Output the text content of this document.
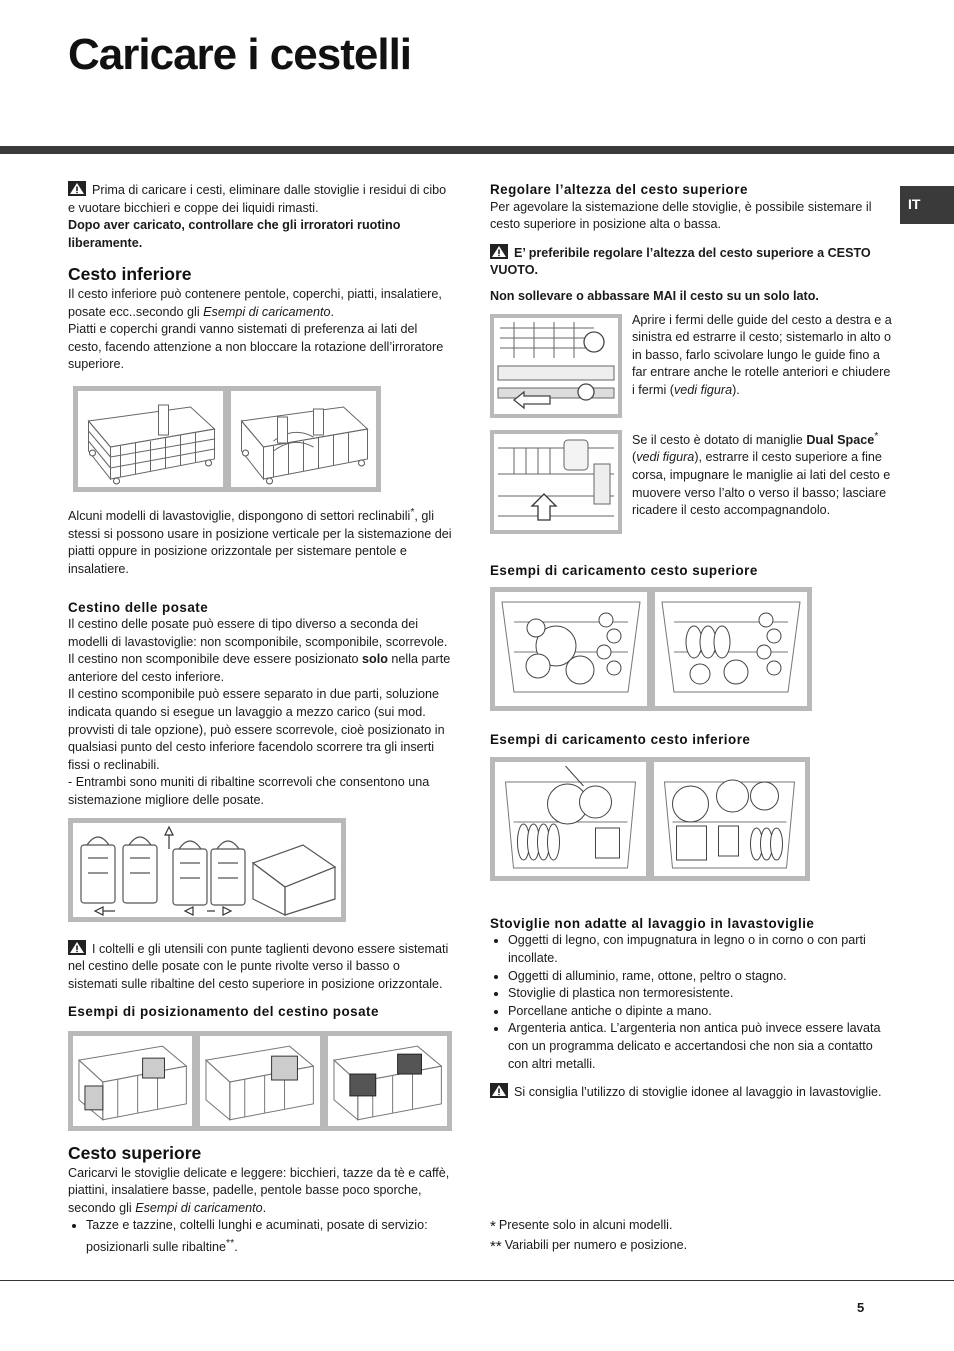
Caricare i cestelli
IT

Prima di caricare i cesti, eliminare dalle stoviglie i residui di cibo e vuotare bicchieri e coppe dei liquidi rimasti.

Dopo aver caricato, controllare che gli irroratori ruotino liberamente.

Cesto inferiore

Il cesto inferiore può contenere pentole, coperchi, piatti, insalatiere, posate ecc..secondo gli Esempi di caricamento.

Piatti e coperchi grandi vanno sistemati di preferenza ai lati del cesto, facendo attenzione a non bloccare la rotazione dell’irroratore superiore.

Alcuni modelli di lavastoviglie, dispongono di settori reclinabili*, gli stessi si possono usare in posizione verticale per la sistemazione dei piatti oppure in posizione orizzontale per sistemare pentole e insalatiere.

Cestino delle posate

Il cestino delle posate può essere di tipo diverso a seconda dei modelli di lavastoviglie: non scomponibile, scomponibile, scorrevole. Il cestino non scomponibile deve essere posizionato solo nella parte anteriore del cesto inferiore.

Il cestino scomponibile può essere separato in due parti, soluzione indicata quando si esegue un lavaggio a mezzo carico (sui mod. provvisti di tale opzione), può essere scorrevole, cioè posizionato in qualsiasi punto del cesto inferiore facendolo scorrere tra gli inserti fissi o reclinabili.

- Entrambi sono muniti di ribaltine scorrevoli che consentono una sistemazione migliore delle posate.

I coltelli e gli utensili con punte taglienti devono essere sistemati nel cestino delle posate con le punte rivolte verso il basso o sistemati sulle ribaltine del cesto superiore in posizione orizzontale.

Esempi di posizionamento del cestino posate

Cesto superiore

Caricarvi le stoviglie delicate e leggere: bicchieri, tazze da tè e caffè, piattini, insalatiere basse, padelle, pentole basse poco sporche, secondo gli Esempi di caricamento.

• Tazze e tazzine, coltelli lunghi e acuminati, posate di servizio: posizionarli sulle ribaltine**.

Regolare l’altezza del cesto superiore

Per agevolare la sistemazione delle stoviglie, è possibile sistemare il cesto superiore in posizione alta o bassa.

E’ preferibile regolare l’altezza del cesto superiore a CESTO VUOTO.

Non sollevare o abbassare MAI il cesto su un solo lato.

Aprire i fermi delle guide del cesto a destra e a sinistra ed estrarre il cesto; sistemarlo in alto o in basso, farlo scivolare lungo le guide fino a far entrare anche le rotelle anteriori e chiudere i fermi (vedi figura).

Se il cesto è dotato di maniglie Dual Space* (vedi figura), estrarre il cesto superiore a fine corsa, impugnare le maniglie ai lati del cesto e muovere verso l’alto o verso il basso; lasciare ricadere il cesto accompagnandolo.

Esempi di caricamento cesto superiore

Esempi di caricamento cesto inferiore

Stoviglie non adatte al lavaggio in lavastoviglie

• Oggetti di legno, con impugnatura in legno o in corno o con parti incollate.
• Oggetti di alluminio, rame, ottone, peltro o stagno.
• Stoviglie di plastica non termoresistente.
• Porcellane antiche o dipinte a mano.
• Argenteria antica. L’argenteria non antica può invece essere lavata con un programma delicato e accertandosi che non sia a contatto con altri metalli.

Si consiglia l’utilizzo di stoviglie idonee al lavaggio in lavastoviglie.

* Presente solo in alcuni modelli.

** Variabili per numero e posizione.

5
